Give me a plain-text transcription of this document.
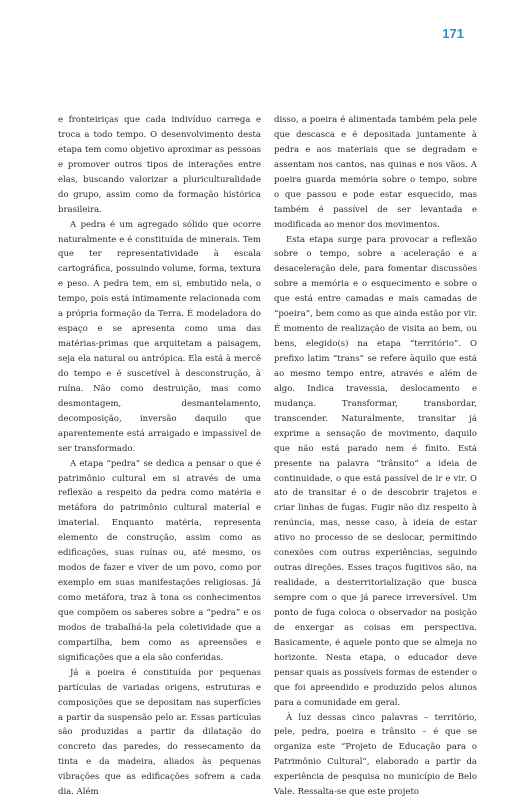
171

e fronteiriças que cada indivíduo carrega e troca a todo tempo. O desenvolvimento desta etapa tem como objetivo aproximar as pessoas e promover outros tipos de interações entre elas, buscando valorizar a pluriculturalidade do grupo, assim como da formação histórica brasileira.

A pedra é um agregado sólido que ocorre naturalmente e é constituída de minerais. Tem que ter representatividade à escala cartográfica, possuindo volume, forma, textura e peso. A pedra tem, em si, embutido nela, o tempo, pois está intimamente relacionada com a própria formação da Terra. É modeladora do espaço e se apresenta como uma das matérias-primas que arquitetam a paisagem, seja ela natural ou antrópica. Ela está à mercê do tempo e é suscetível à desconstrução, à ruína. Não como destruição, mas como desmontagem, desmantelamento, decomposição, inversão daquilo que aparentemente está arraigado e impassível de ser transformado.

A etapa “pedra” se dedica a pensar o que é patrimônio cultural em si através de uma reflexão a respeito da pedra como matéria e metáfora do patrimônio cultural material e imaterial. Enquanto matéria, representa elemento de construção, assim como as edificações, suas ruínas ou, até mesmo, os modos de fazer e viver de um povo, como por exemplo em suas manifestações religiosas. Já como metáfora, traz à tona os conhecimentos que compõem os saberes sobre a “pedra” e os modos de trabalhá-la pela coletividade que a compartilha, bem como as apreensões e significações que a ela são conferidas.

Já a poeira é constituída por pequenas partículas de variadas origens, estruturas e composições que se depositam nas superfícies a partir da suspensão pelo ar. Essas partículas são produzidas a partir da dilatação do concreto das paredes, do ressecamento da tinta e da madeira, aliados às pequenas vibrações que as edificações sofrem a cada dia. Além

disso, a poeira é alimentada também pela pele que descasca e é depositada juntamente à pedra e aos materiais que se degradam e assentam nos cantos, nas quinas e nos vãos. A poeira guarda memória sobre o tempo, sobre o que passou e pode estar esquecido, mas também é passível de ser levantada e modificada ao menor dos movimentos.

Esta etapa surge para provocar a reflexão sobre o tempo, sobre a aceleração e a desaceleração dele, para fomentar discussões sobre a memória e o esquecimento e sobre o que está entre camadas e mais camadas de “poeira”, bem como as que ainda estão por vir. É momento de realização de visita ao bem, ou bens, elegido(s) na etapa “território”. O prefixo latim “trans” se refere àquilo que está ao mesmo tempo entre, através e além de algo. Indica travessia, deslocamento e mudança. Transformar, transbordar, transcender. Naturalmente, transitar já exprime a sensação de movimento, daquilo que não está parado nem é finito. Está presente na palavra “trânsito” a ideia de continuidade, o que está passível de ir e vir. O ato de transitar é o de descobrir trajetos e criar linhas de fugas. Fugir não diz respeito à renúncia, mas, nesse caso, à ideia de estar ativo no processo de se deslocar, permitindo conexões com outras experiências, seguindo outras direções. Esses traços fugitivos são, na realidade, a desterritorialização que busca sempre com o que já parece irreversível. Um ponto de fuga coloca o observador na posição de enxergar as coisas em perspectiva. Basicamente, é aquele ponto que se almeja no horizonte. Nesta etapa, o educador deve pensar quais as possíveis formas de estender o que foi apreendido e produzido pelos alunos para a comunidade em geral.

À luz dessas cinco palavras – território, pele, pedra, poeira e trânsito – é que se organiza este “Projeto de Educação para o Patrimônio Cultural”, elaborado a partir da experiência de pesquisa no município de Belo Vale. Ressalta-se que este projeto
